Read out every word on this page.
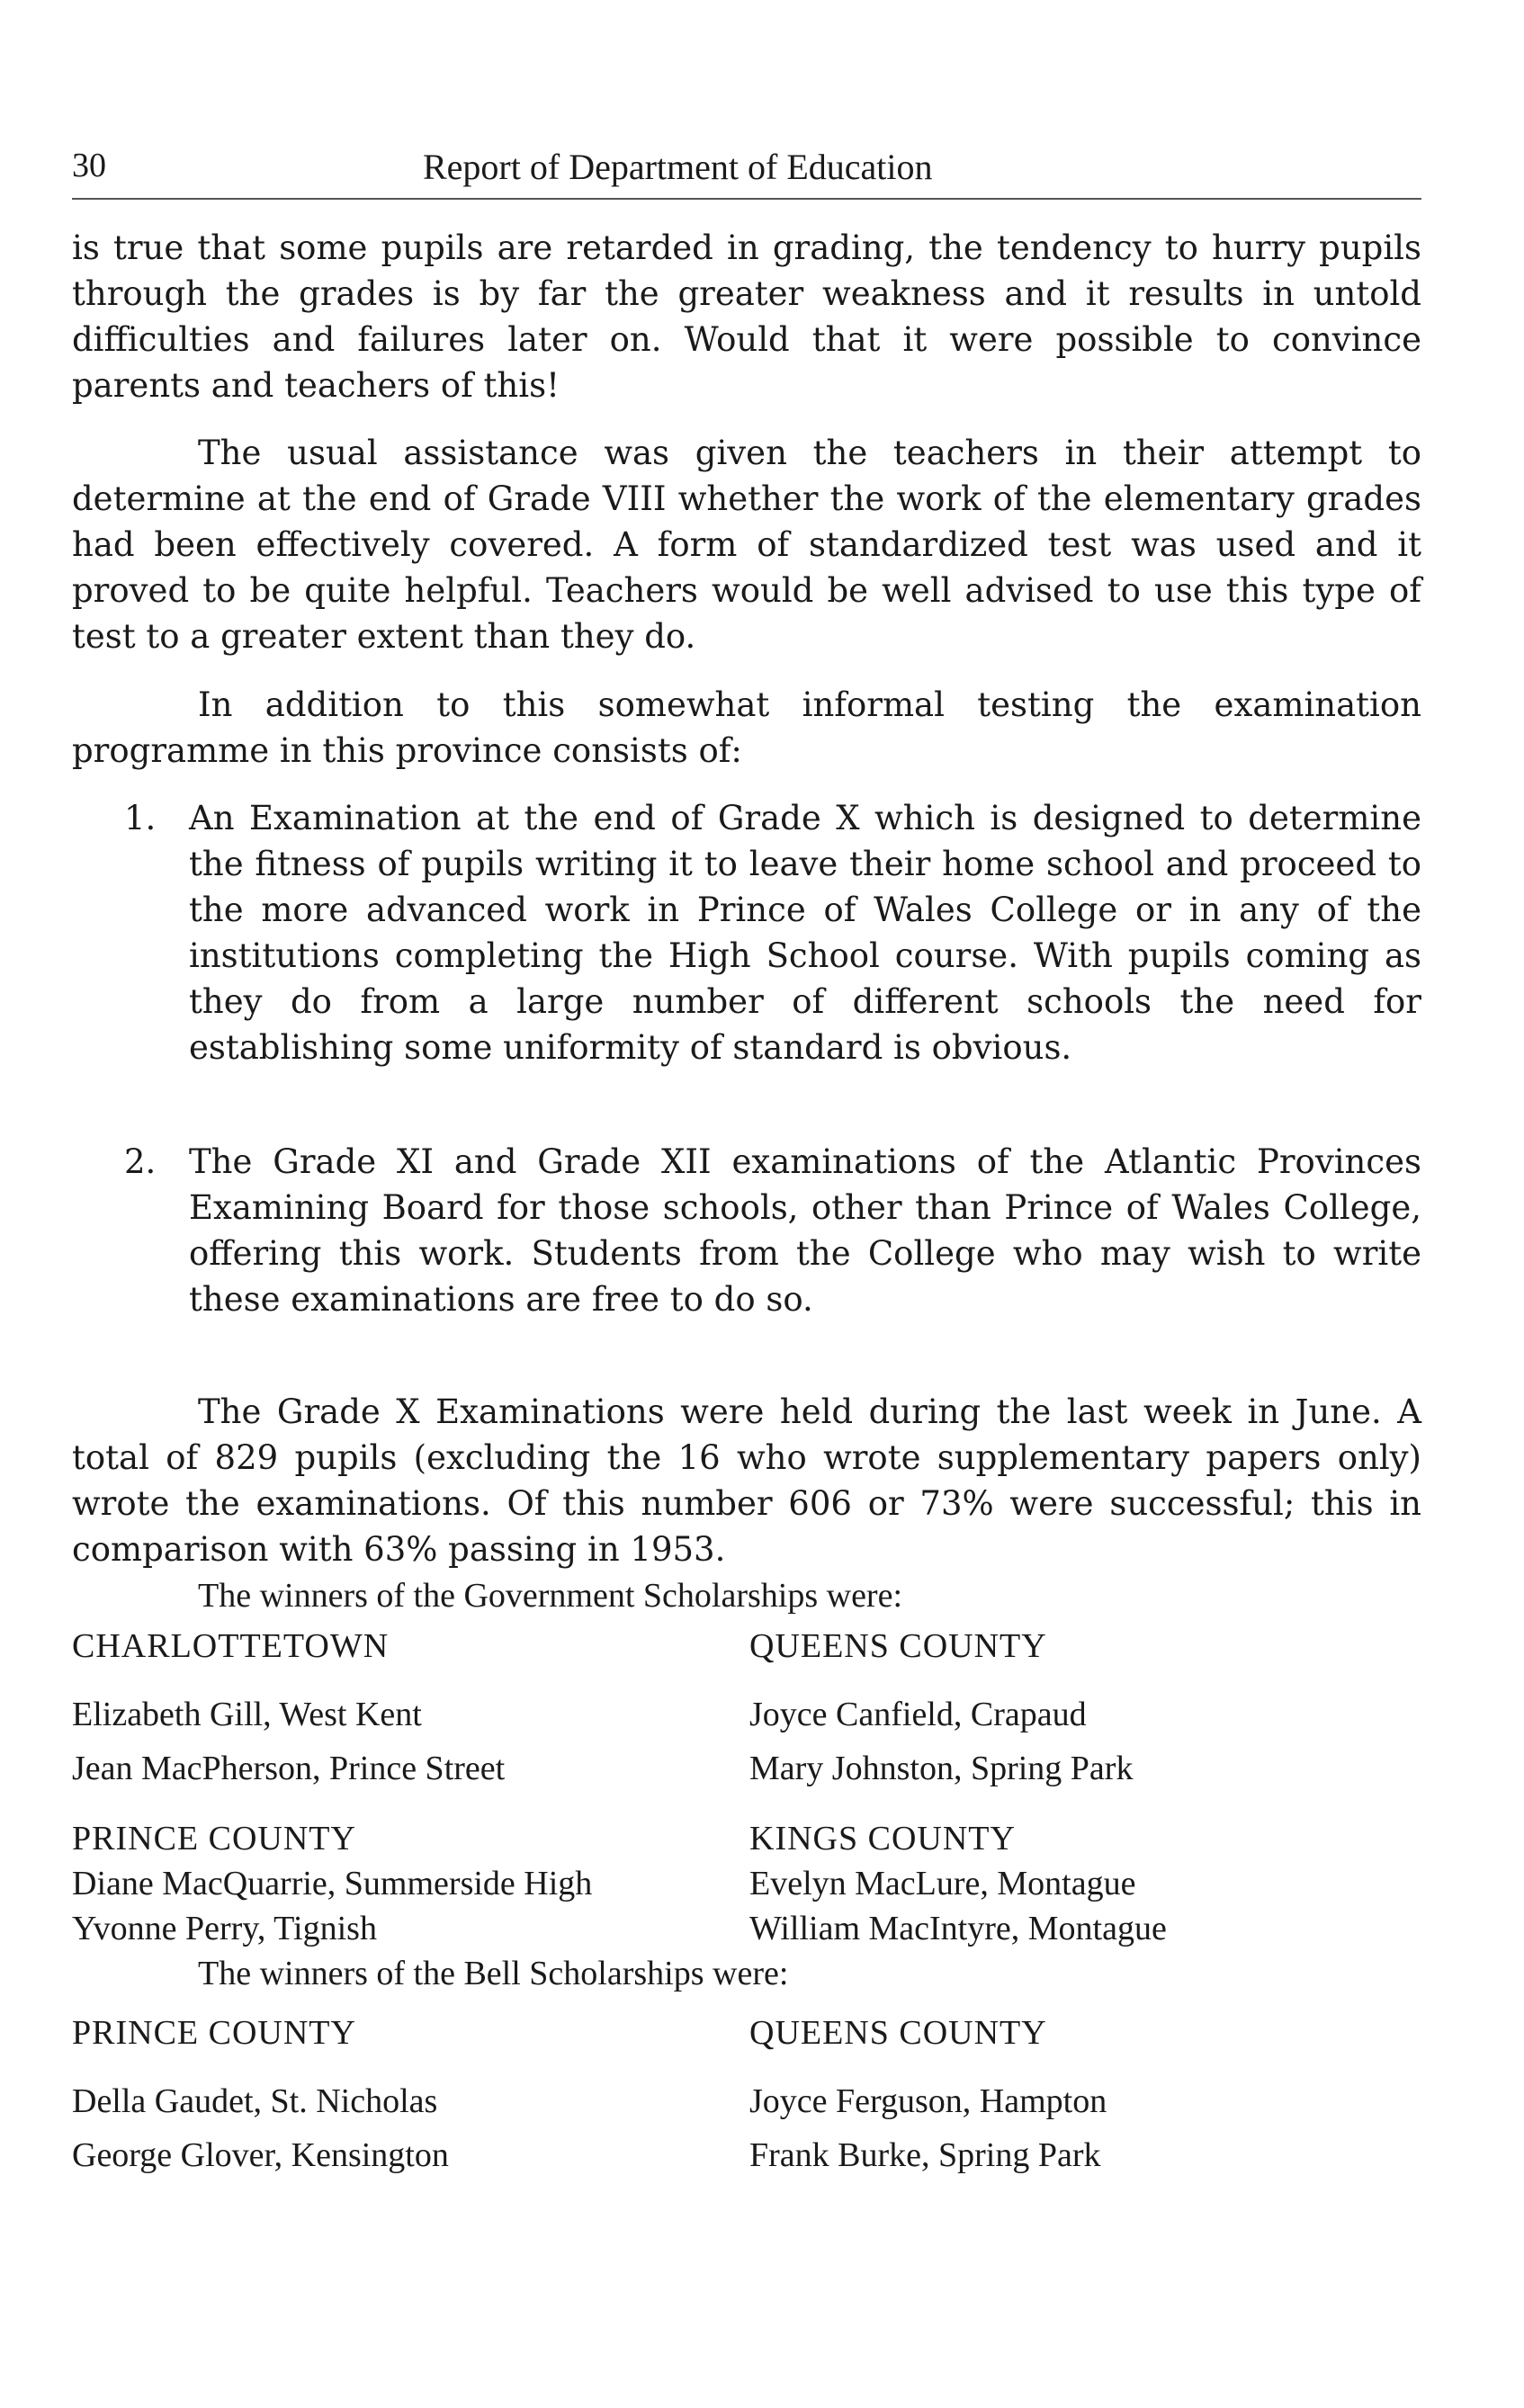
30	Report of Department of Education

is true that some pupils are retarded in grading, the tendency to hurry pupils through the grades is by far the greater weakness and it results in untold difficulties and failures later on. Would that it were possible to convince parents and teachers of this!

The usual assistance was given the teachers in their attempt to determine at the end of Grade VIII whether the work of the elementary grades had been effectively covered. A form of standardized test was used and it proved to be quite helpful. Teachers would be well advised to use this type of test to a greater extent than they do.

In addition to this somewhat informal testing the examination programme in this province consists of:

1. An Examination at the end of Grade X which is designed to determine the fitness of pupils writing it to leave their home school and proceed to the more advanced work in Prince of Wales College or in any of the institutions completing the High School course. With pupils coming as they do from a large number of different schools the need for establishing some uniformity of standard is obvious.
2. The Grade XI and Grade XII examinations of the Atlantic Provinces Examining Board for those schools, other than Prince of Wales College, offering this work. Students from the College who may wish to write these examinations are free to do so.

The Grade X Examinations were held during the last week in June. A total of 829 pupils (excluding the 16 who wrote supplementary papers only) wrote the examinations. Of this number 606 or 73% were successful; this in comparison with 63% passing in 1953.

The winners of the Government Scholarships were:
CHARLOTTETOWN	QUEENS COUNTY
Elizabeth Gill, West Kent	Joyce Canfield, Crapaud
Jean MacPherson, Prince Street	Mary Johnston, Spring Park
PRINCE COUNTY	KINGS COUNTY
Diane MacQuarrie, Summerside High	Evelyn MacLure, Montague
Yvonne Perry, Tignish	William MacIntyre, Montague
The winners of the Bell Scholarships were:
PRINCE COUNTY	QUEENS COUNTY
Della Gaudet, St. Nicholas	Joyce Ferguson, Hampton
George Glover, Kensington	Frank Burke, Spring Park
